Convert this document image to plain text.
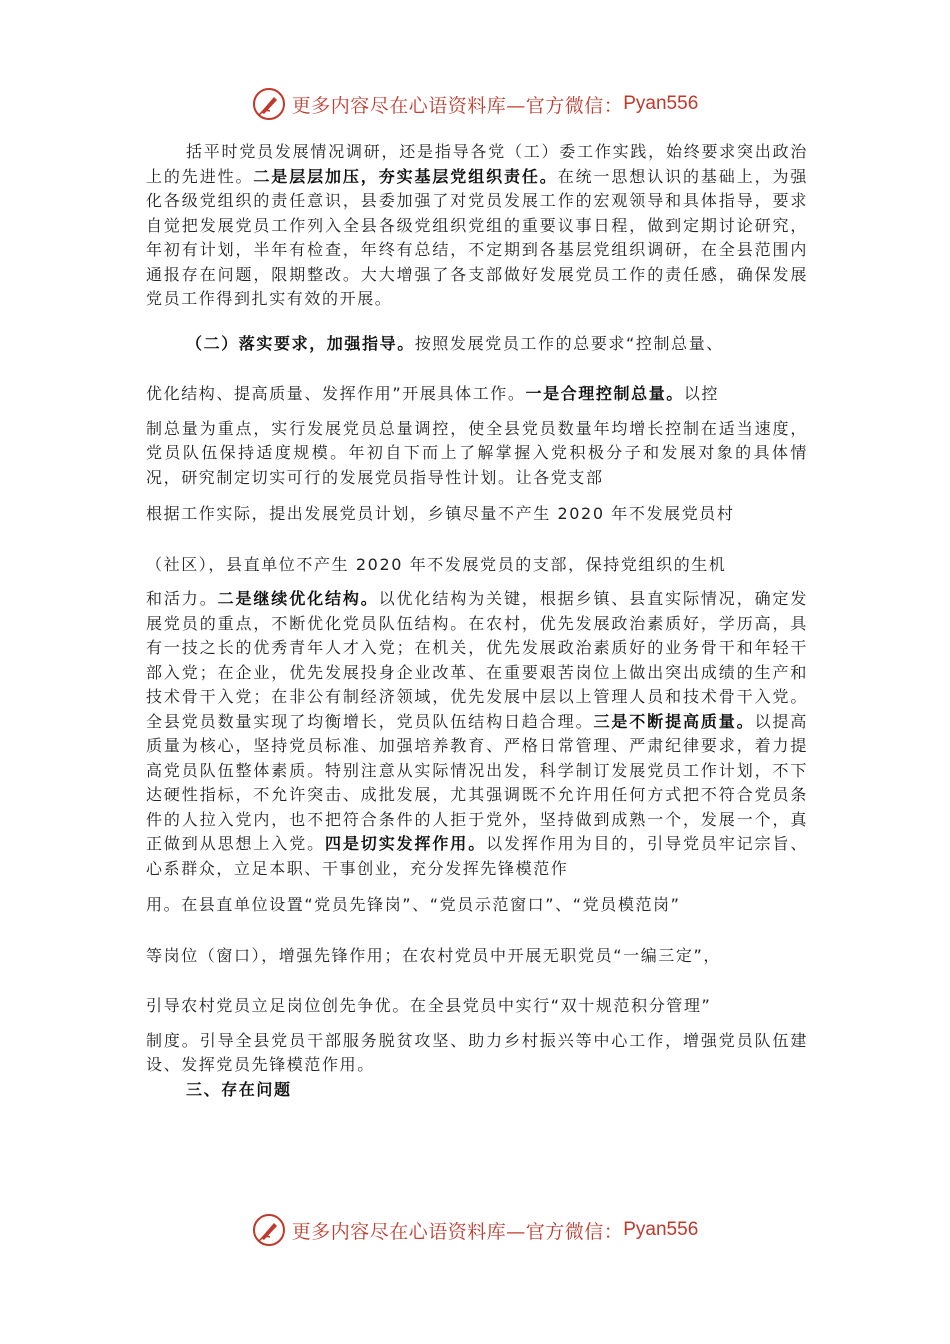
更多内容尽在心语资料库—官方微信： Pyan556

括平时党员发展情况调研，还是指导各党（工）委工作实践，始终要求突出政治上的先进性。二是层层加压，夯实基层党组织责任。在统一思想认识的基础上，为强化各级党组织的责任意识，县委加强了对党员发展工作的宏观领导和具体指导，要求自觉把发展党员工作列入全县各级党组织党组的重要议事日程，做到定期讨论研究，年初有计划，半年有检查，年终有总结，不定期到各基层党组织调研，在全县范围内通报存在问题，限期整改。大大增强了各支部做好发展党员工作的责任感，确保发展党员工作得到扎实有效的开展。

（二）落实要求，加强指导。按照发展党员工作的总要求“控制总量、

优化结构、提高质量、发挥作用”开展具体工作。一是合理控制总量。以控

制总量为重点，实行发展党员总量调控，使全县党员数量年均增长控制在适当速度，党员队伍保持适度规模。年初自下而上了解掌握入党积极分子和发展对象的具体情况，研究制定切实可行的发展党员指导性计划。让各党支部

根据工作实际，提出发展党员计划，乡镇尽量不产生 2020 年不发展党员村

（社区），县直单位不产生 2020 年不发展党员的支部，保持党组织的生机

和活力。二是继续优化结构。以优化结构为关键，根据乡镇、县直实际情况，确定发展党员的重点，不断优化党员队伍结构。在农村，优先发展政治素质好，学历高，具有一技之长的优秀青年人才入党；在机关，优先发展政治素质好的业务骨干和年轻干部入党；在企业，优先发展投身企业改革、在重要艰苦岗位上做出突出成绩的生产和技术骨干入党；在非公有制经济领域，优先发展中层以上管理人员和技术骨干入党。全县党员数量实现了均衡增长，党员队伍结构日趋合理。三是不断提高质量。以提高质量为核心，坚持党员标准、加强培养教育、严格日常管理、严肃纪律要求，着力提高党员队伍整体素质。特别注意从实际情况出发，科学制订发展党员工作计划，不下达硬性指标，不允许突击、成批发展，尤其强调既不允许用任何方式把不符合党员条件的人拉入党内，也不把符合条件的人拒于党外，坚持做到成熟一个，发展一个，真正做到从思想上入党。四是切实发挥作用。以发挥作用为目的，引导党员牢记宗旨、心系群众，立足本职、干事创业，充分发挥先锋模范作

用。在县直单位设置“党员先锋岗”、“党员示范窗口”、“党员模范岗”

等岗位（窗口），增强先锋作用；在农村党员中开展无职党员“一编三定”，

引导农村党员立足岗位创先争优。在全县党员中实行“双十规范积分管理”

制度。引导全县党员干部服务脱贫攻坚、助力乡村振兴等中心工作，增强党员队伍建设、发挥党员先锋模范作用。

三、存在问题

更多内容尽在心语资料库—官方微信： Pyan556
